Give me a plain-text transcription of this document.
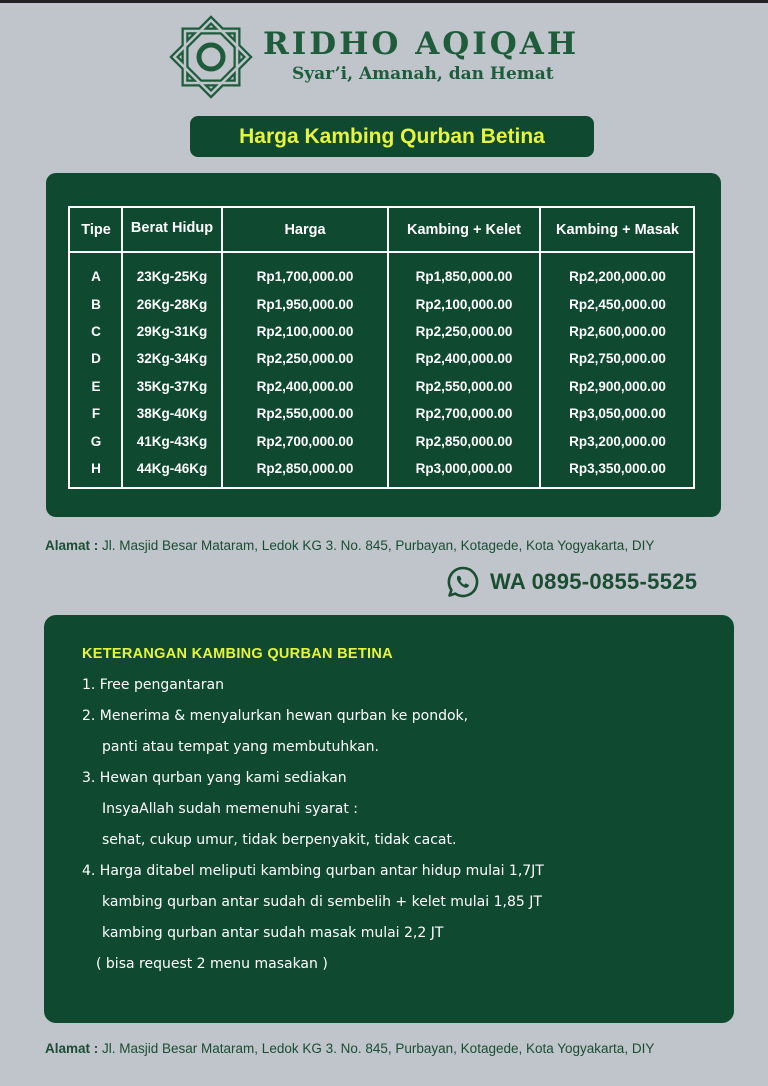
RIDHO AQIQAH
Syar’i, Amanah, dan Hemat
Harga Kambing Qurban Betina
Tipe	Berat Hidup	Harga	Kambing + Kelet	Kambing + Masak
A	23Kg-25Kg	Rp1,700,000.00	Rp1,850,000.00	Rp2,200,000.00
B	26Kg-28Kg	Rp1,950,000.00	Rp2,100,000.00	Rp2,450,000.00
C	29Kg-31Kg	Rp2,100,000.00	Rp2,250,000.00	Rp2,600,000.00
D	32Kg-34Kg	Rp2,250,000.00	Rp2,400,000.00	Rp2,750,000.00
E	35Kg-37Kg	Rp2,400,000.00	Rp2,550,000.00	Rp2,900,000.00
F	38Kg-40Kg	Rp2,550,000.00	Rp2,700,000.00	Rp3,050,000.00
G	41Kg-43Kg	Rp2,700,000.00	Rp2,850,000.00	Rp3,200,000.00
H	44Kg-46Kg	Rp2,850,000.00	Rp3,000,000.00	Rp3,350,000.00
Alamat : Jl. Masjid Besar Mataram, Ledok KG 3. No. 845, Purbayan, Kotagede, Kota Yogyakarta, DIY
WA 0895-0855-5525
KETERANGAN KAMBING QURBAN BETINA
1. Free pengantaran
2. Menerima & menyalurkan hewan qurban ke pondok,
panti atau tempat yang membutuhkan.
3. Hewan qurban yang kami sediakan
InsyaAllah sudah memenuhi syarat :
sehat, cukup umur, tidak berpenyakit, tidak cacat.
4. Harga ditabel meliputi kambing qurban antar hidup mulai 1,7JT
kambing qurban antar sudah di sembelih + kelet mulai 1,85 JT
kambing qurban antar sudah masak mulai 2,2 JT
( bisa request 2 menu masakan )
Alamat : Jl. Masjid Besar Mataram, Ledok KG 3. No. 845, Purbayan, Kotagede, Kota Yogyakarta, DIY
